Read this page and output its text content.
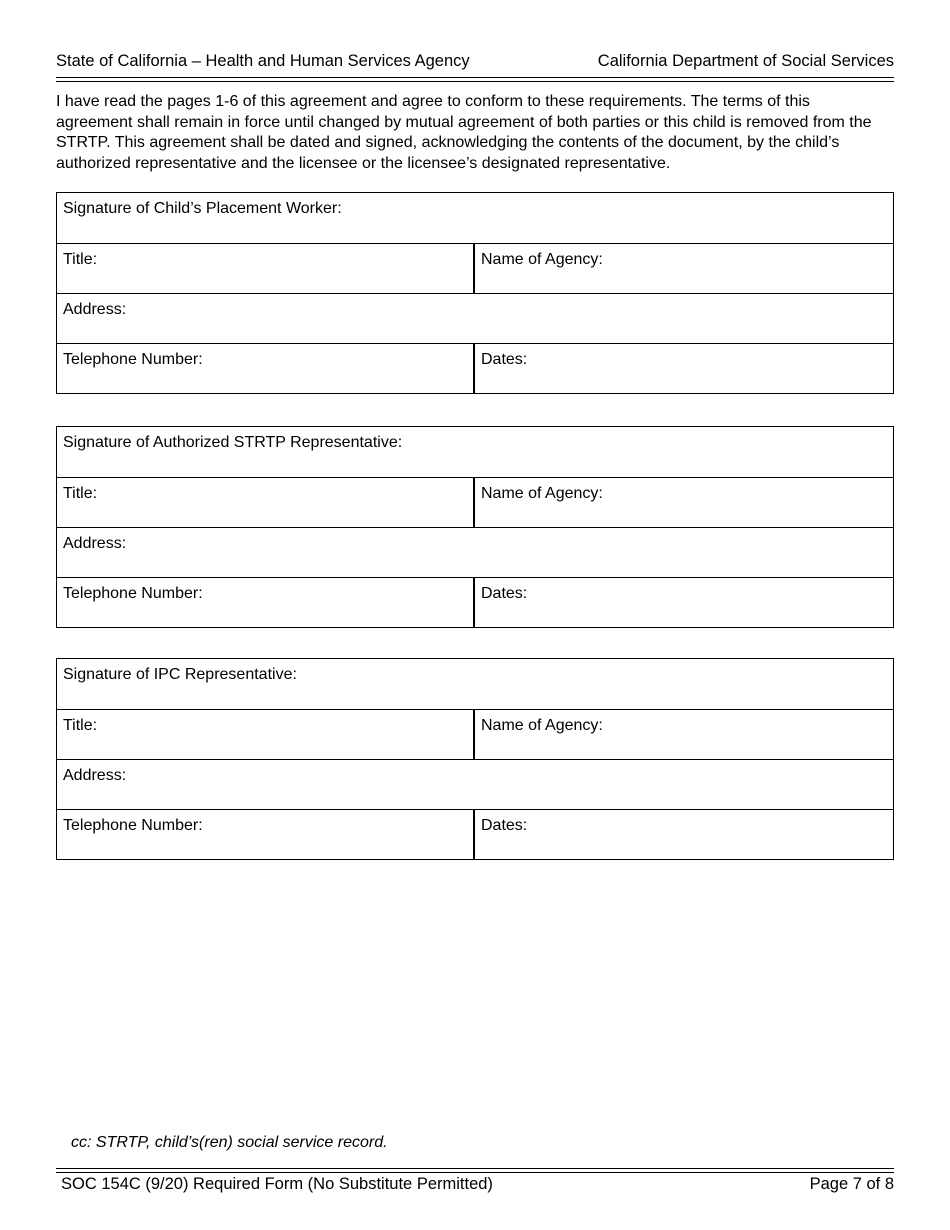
State of California – Health and Human Services Agency	California Department of Social Services
I have read the pages 1-6 of this agreement and agree to conform to these requirements. The terms of this agreement shall remain in force until changed by mutual agreement of both parties or this child is removed from the STRTP. This agreement shall be dated and signed, acknowledging the contents of the document, by the child’s authorized representative and the licensee or the licensee’s designated representative.
Signature of Child’s Placement Worker:
Title:	Name of Agency:
Address:
Telephone Number:	Dates:
Signature of Authorized STRTP Representative:
Title:	Name of Agency:
Address:
Telephone Number:	Dates:
Signature of IPC Representative:
Title:	Name of Agency:
Address:
Telephone Number:	Dates:
cc: STRTP, child’s(ren) social service record.
SOC 154C (9/20) Required Form (No Substitute Permitted)	Page 7 of 8
